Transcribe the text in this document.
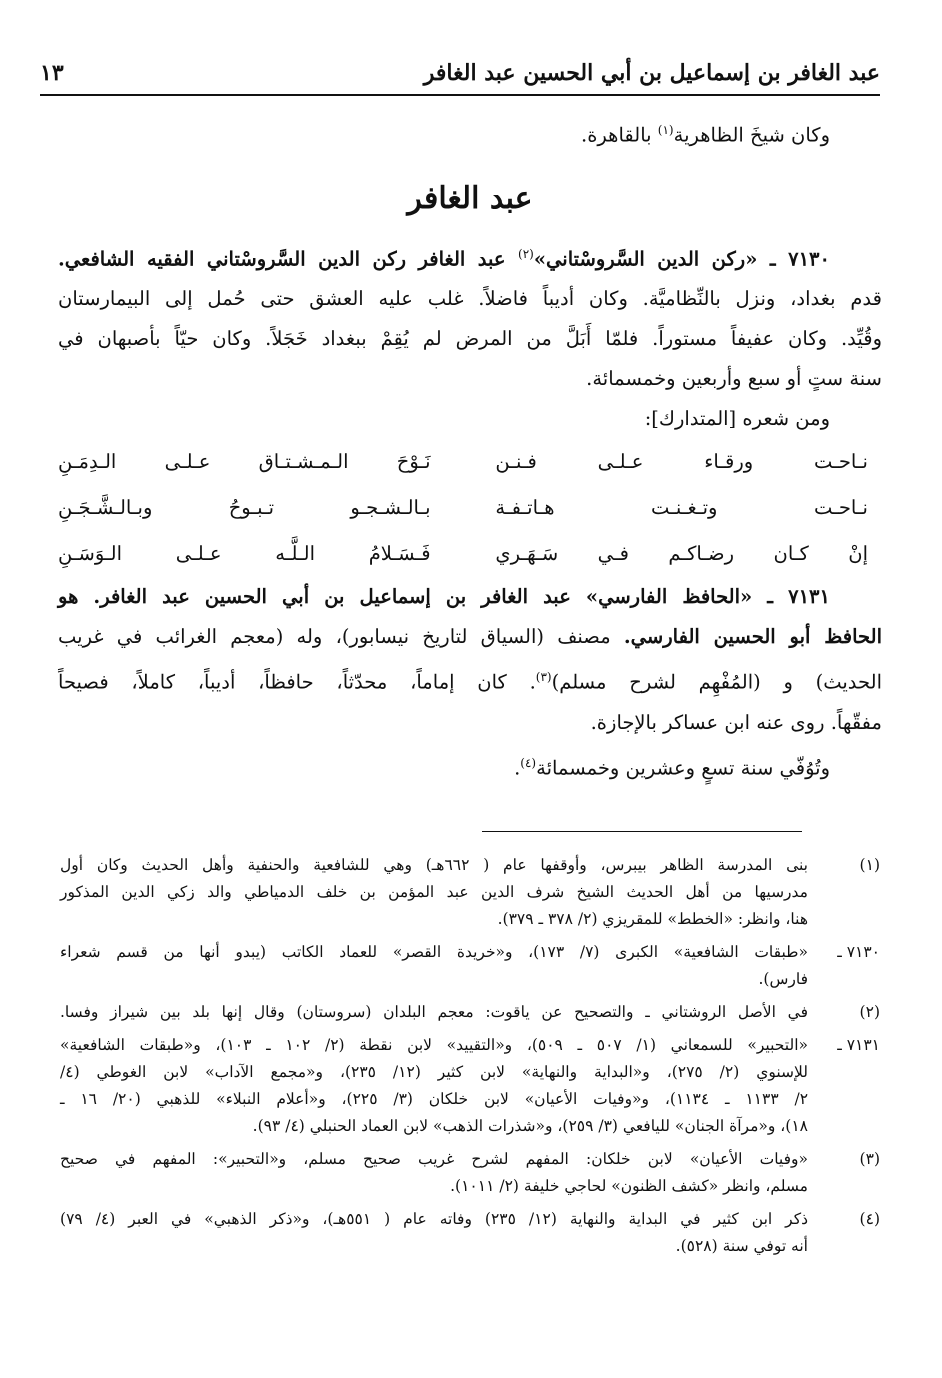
عبد الغافر بن إسماعيل بن أبي الحسين عبد الغافر
١٣
وكان شيخَ الظاهرية$^{(١)}$ بالقاهرة.
عبد الغافر
٧١٣٠ ـ «ركن الدين السَّروسْتاني»$^{(٢)}$ عبد الغافر ركن الدين السَّروسْتاني الفقيه الشافعي.
قدم بغداد، ونزل بالنِّظاميَّة. وكان أديباً فاضلاً. غلب عليه العشق حتى حُمل إلى البيمارستان
وقُيِّد. وكان عفيفاً مستوراً. فلمّا أَبَلَّ من المرض لم يُقِمْ ببغداد خَجَلاً. وكان حيّاً بأصبهان في
سنة ستٍ أو سبع وأربعين وخمسمائة.
ومن شعره [المتدارك]:
نـاحـت ورقـاء عـلـى فـنـن
نَـوْحَ الـمـشـتـاق عـلـى الـدِمَـنِ
نـاحـت وتـغـنـت هـاتـفـة
بـالـشـجـو تـبـوحُ وبـالـشَّـجَـنِ
إنْ كـان رضـاكـم فـي سَـهَـري
فَـسَـلامُ الـلَّـه عـلـى الـوَسَـنِ
٧١٣١ ـ «الحافظ الفارسي» عبد الغافر بن إسماعيل بن أبي الحسين عبد الغافر. هو
الحافظ أبو الحسين الفارسي. مصنف (السياق لتاريخ نيسابور)، وله (معجم الغرائب في غريب
الحديث) و (المُفْهِم لشرح مسلم)$^{(٣)}$. كان إماماً، محدّثاً، حافظاً، أديباً، كاملاً، فصيحاً
مفقّهاً. روى عنه ابن عساكر بالإجازة.
وتُوُفّي سنة تسعٍ وعشرين وخمسمائة$^{(٤)}$.
(١)
بنى المدرسة الظاهر بيبرس، وأوقفها عام ( ٦٦٢هـ) وهي للشافعية والحنفية وأهل الحديث وكان أول
مدرسيها من أهل الحديث الشيخ شرف الدين عبد المؤمن بن خلف الدمياطي والد زكي الدين المذكور
هنا، وانظر: «الخطط» للمقريزي (٢/ ٣٧٨ ـ ٣٧٩).
٧١٣٠ ـ
«طبقات الشافعية» الكبرى (٧/ ١٧٣)، و«خريدة القصر» للعماد الكاتب (يبدو أنها من قسم شعراء
فارس).
(٢)
في الأصل الروشتاني ـ والتصحيح عن ياقوت: معجم البلدان (سروستان) وقال إنها بلد بين شيراز وفسا.
٧١٣١ ـ
«التحبير» للسمعاني (١/ ٥٠٧ ـ ٥٠٩)، و«التقييد» لابن نقطة (٢/ ١٠٢ ـ ١٠٣)، و«طبقات الشافعية»
للإسنوي (٢/ ٢٧٥)، و«البداية والنهاية» لابن كثير (١٢/ ٢٣٥)، و«مجمع الآداب» لابن الغوطي (٤/
٢/ ١١٣٣ ـ ١١٣٤)، و«وفيات الأعيان» لابن خلكان (٣/ ٢٢٥)، و«أعلام النبلاء» للذهبي (٢٠/ ١٦ ـ
١٨)، و«مرآة الجنان» لليافعي (٣/ ٢٥٩)، و«شذرات الذهب» لابن العماد الحنبلي (٤/ ٩٣).
(٣)
«وفيات الأعيان» لابن خلكان: المفهم لشرح غريب صحيح مسلم، و«التحبير»: المفهم في صحيح
مسلم، وانظر «كشف الظنون» لحاجي خليفة (٢/ ١٠١١).
(٤)
ذكر ابن كثير في البداية والنهاية (١٢/ ٢٣٥) وفاته عام ( ٥٥١هـ)، و«ذكر الذهبي» في العبر (٤/ ٧٩)
أنه توفي سنة (٥٢٨).
